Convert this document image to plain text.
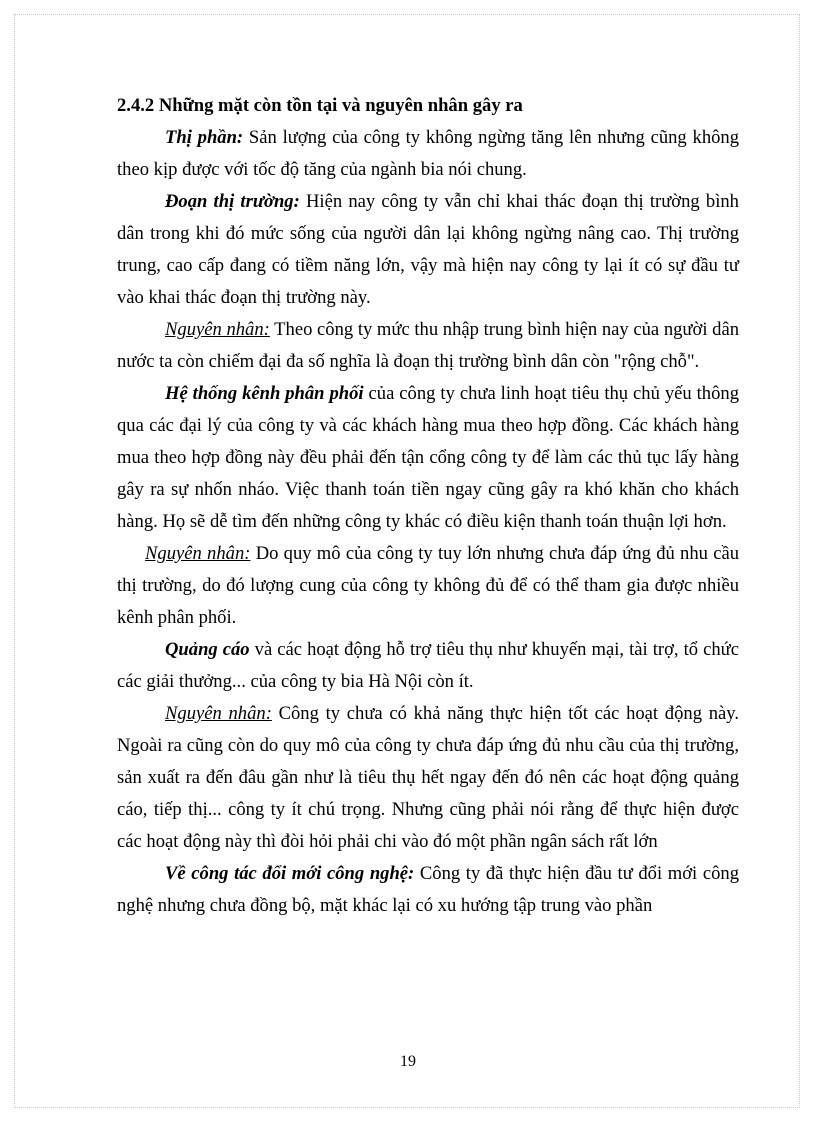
2.4.2 Những mặt còn tồn tại và nguyên nhân gây ra

Thị phần: Sản lượng của công ty không ngừng tăng lên nhưng cũng không theo kịp được với tốc độ tăng của ngành bia nói chung.

Đoạn thị trường: Hiện nay công ty vẫn chỉ khai thác đoạn thị trường bình dân trong khi đó mức sống của người dân lại không ngừng nâng cao. Thị trường trung, cao cấp đang có tiềm năng lớn, vậy mà hiện nay công ty lại ít có sự đầu tư vào khai thác đoạn thị trường này.

Nguyên nhân: Theo công ty mức thu nhập trung bình hiện nay của người dân nước ta còn chiếm đại đa số nghĩa là đoạn thị trường bình dân còn "rộng chỗ".

Hệ thống kênh phân phối của công ty chưa linh hoạt tiêu thụ chủ yếu thông qua các đại lý của công ty và các khách hàng mua theo hợp đồng. Các khách hàng mua theo hợp đồng này đều phải đến tận cổng công ty để làm các thủ tục lấy hàng gây ra sự nhốn nháo. Việc thanh toán tiền ngay cũng gây ra khó khăn cho khách hàng. Họ sẽ dễ tìm đến những công ty khác có điều kiện thanh toán thuận lợi hơn.

Nguyên nhân: Do quy mô của công ty tuy lớn nhưng chưa đáp ứng đủ nhu cầu thị trường, do đó lượng cung của công ty không đủ để có thể tham gia được nhiều kênh phân phối.

Quảng cáo và các hoạt động hỗ trợ tiêu thụ như khuyến mại, tài trợ, tổ chức các giải thưởng... của công ty bia Hà Nội còn ít.

Nguyên nhân: Công ty chưa có khả năng thực hiện tốt các hoạt động này. Ngoài ra cũng còn do quy mô của công ty chưa đáp ứng đủ nhu cầu của thị trường, sản xuất ra đến đâu gần như là tiêu thụ hết ngay đến đó nên các hoạt động quảng cáo, tiếp thị... công ty ít chú trọng. Nhưng cũng phải nói rằng để thực hiện được các hoạt động này thì đòi hỏi phải chi vào đó một phần ngân sách rất lớn

Về công tác đổi mới công nghệ: Công ty đã thực hiện đầu tư đổi mới công nghệ nhưng chưa đồng bộ, mặt khác lại có xu hướng tập trung vào phần

19
